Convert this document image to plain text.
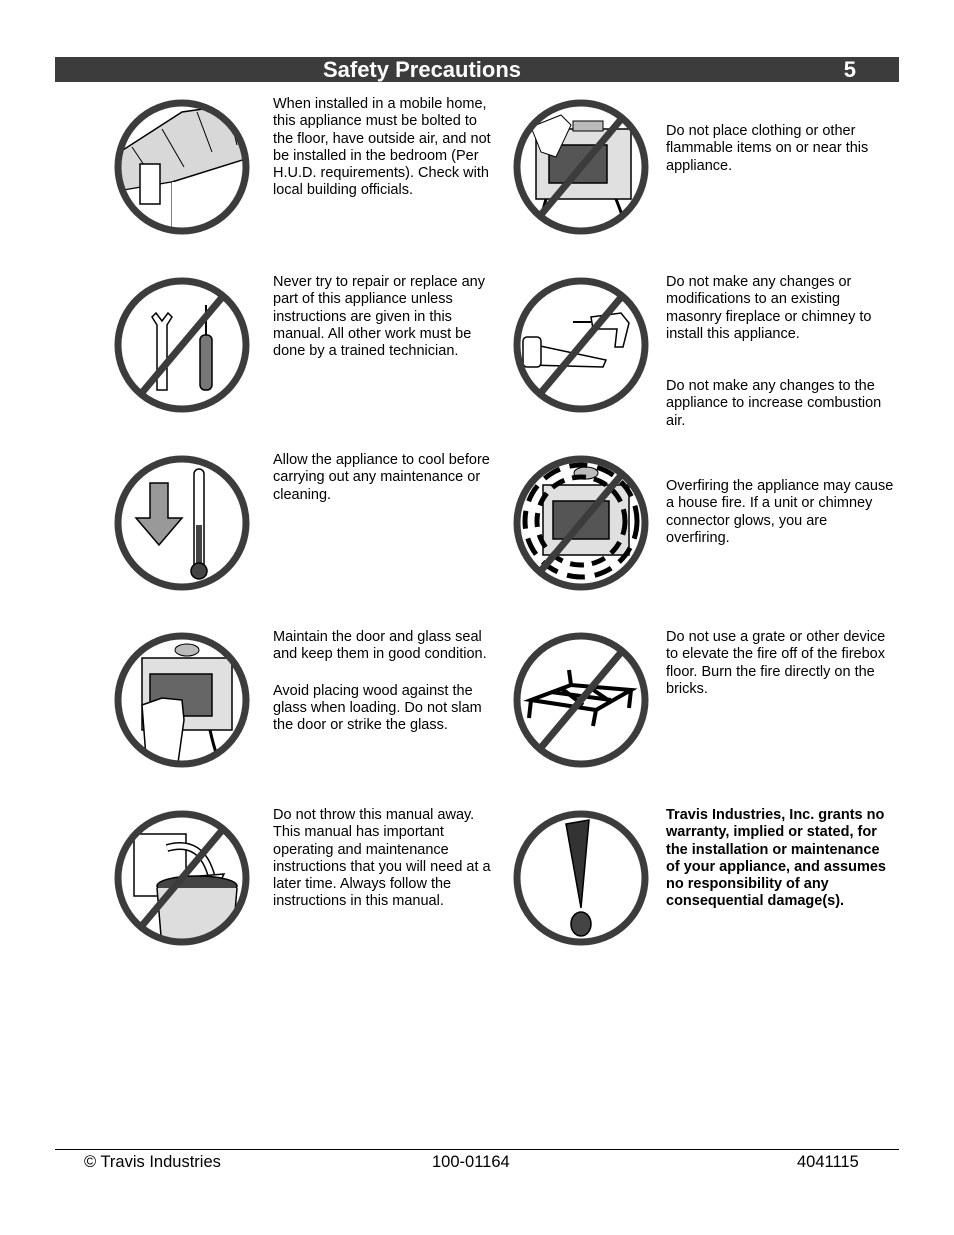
Safety Precautions	5

When installed in a mobile home, this appliance must be bolted to the floor, have outside air, and not be installed in the bedroom (Per H.U.D. requirements). Check with local building officials.

Do not place clothing or other flammable items on or near this appliance.

Never try to repair or replace any part of this appliance unless instructions are given in this manual. All other work must be done by a trained technician.

Do not make any changes or modifications to an existing masonry fireplace or chimney to install this appliance.

Do not make any changes to the appliance to increase combustion air.

Allow the appliance to cool before carrying out any maintenance or cleaning.

Overfiring the appliance may cause a house fire. If a unit or chimney connector glows, you are overfiring.

Maintain the door and glass seal and keep them in good condition.

Avoid placing wood against the glass when loading. Do not slam the door or strike the glass.

Do not use a grate or other device to elevate the fire off of the firebox floor. Burn the fire directly on the bricks.

Do not throw this manual away. This manual has important operating and maintenance instructions that you will need at a later time. Always follow the instructions in this manual.

Travis Industries, Inc. grants no warranty, implied or stated, for the installation or maintenance of your appliance, and assumes no responsibility of any consequential damage(s).

© Travis Industries	100-01164	4041115
